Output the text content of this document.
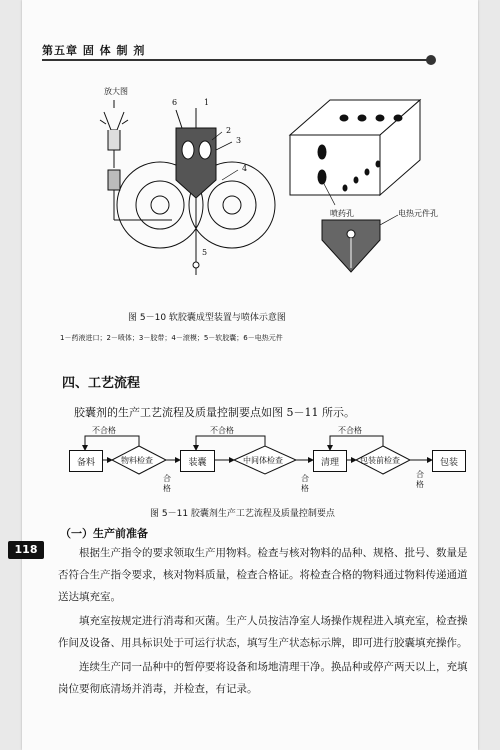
第五章 固 体 制 剂
放大图
6	1
2
3
4
5
喷药孔	电热元件孔
图 5－10 软胶囊成型装置与喷体示意图
1－药液进口；2－喷体；3－胶带；4－滚模；5－软胶囊；6－电热元件
四、工艺流程
胶囊剂的生产工艺流程及质量控制要点如图 5－11 所示。
备料	物料检查	装囊	中间体检查	清理	包装前检查	包装
不合格	不合格	不合格
合格
合格
合格
图 5－11 胶囊剂生产工艺流程及质量控制要点
（一）生产前准备
118	根据生产指令的要求领取生产用物料。检查与核对物料的品种、规格、批号、数量是否符合生产指令要求，核对物料质量，检查合格证。将检查合格的物料通过物料传递通道送达填充室。
填充室按规定进行消毒和灭菌。生产人员按洁净室人场操作规程进入填充室，检查操作间及设备、用具标识处于可运行状态，填写生产状态标示牌，即可进行胶囊填充操作。
连续生产同一品种中的暂停要将设备和场地清理干净。换品种或停产两天以上，充填岗位要彻底清场并消毒，并检查，有记录。
